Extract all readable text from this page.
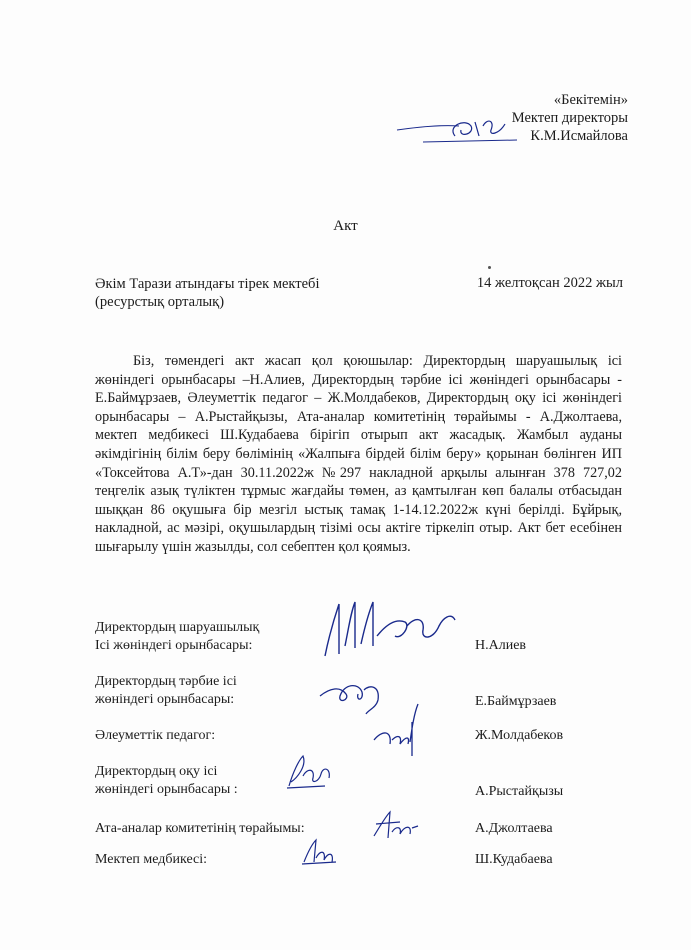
«Бекітемін»
Мектеп директоры
К.М.Исмайлова
Акт
Әкім Тарази атындағы тірек мектебі
(ресурстық орталық)
14 желтоқсан 2022 жыл
Біз, төмендегі акт жасап қол қоюшылар: Директордың шаруашылық ісі жөніндегі орынбасары –Н.Алиев, Директордың тәрбие ісі жөніндегі орынбасары - Е.Баймұрзаев, Әлеуметтік педагог – Ж.Молдабеков, Директордың оқу ісі жөніндегі орынбасары – А.Рыстайқызы, Ата-аналар комитетінің төрайымы - А.Джолтаева, мектеп медбикесі Ш.Кудабаева бірігіп отырып акт жасадық. Жамбыл ауданы әкімдігінің білім беру бөлімінің «Жалпыға бірдей білім беру» қорынан бөлінген ИП «Токсейтова А.Т»-дан 30.11.2022ж №297 накладной арқылы алынған 378 727,02 теңгелік азық түліктен тұрмыс жағдайы төмен, аз қамтылған көп балалы отбасыдан шыққан 86 оқушыға бір мезгіл ыстық тамақ 1-14.12.2022ж күні берілді. Бұйрық, накладной, ас мәзірі, оқушылардың тізімі осы актіге тіркеліп отыр. Акт бет есебінен шығарылу үшін жазылды, сол себептен қол қоямыз.
Директордың шаруашылық
Ісі жөніндегі орынбасары:	Н.Алиев
Директордың тәрбие ісі
жөніндегі орынбасары:	Е.Баймұрзаев
Әлеуметтік педагог:	Ж.Молдабеков
Директордың оқу ісі
жөніндегі орынбасары :	А.Рыстайқызы
Ата-аналар комитетінің төрайымы:	А.Джолтаева
Мектеп медбикесі:	Ш.Кудабаева
